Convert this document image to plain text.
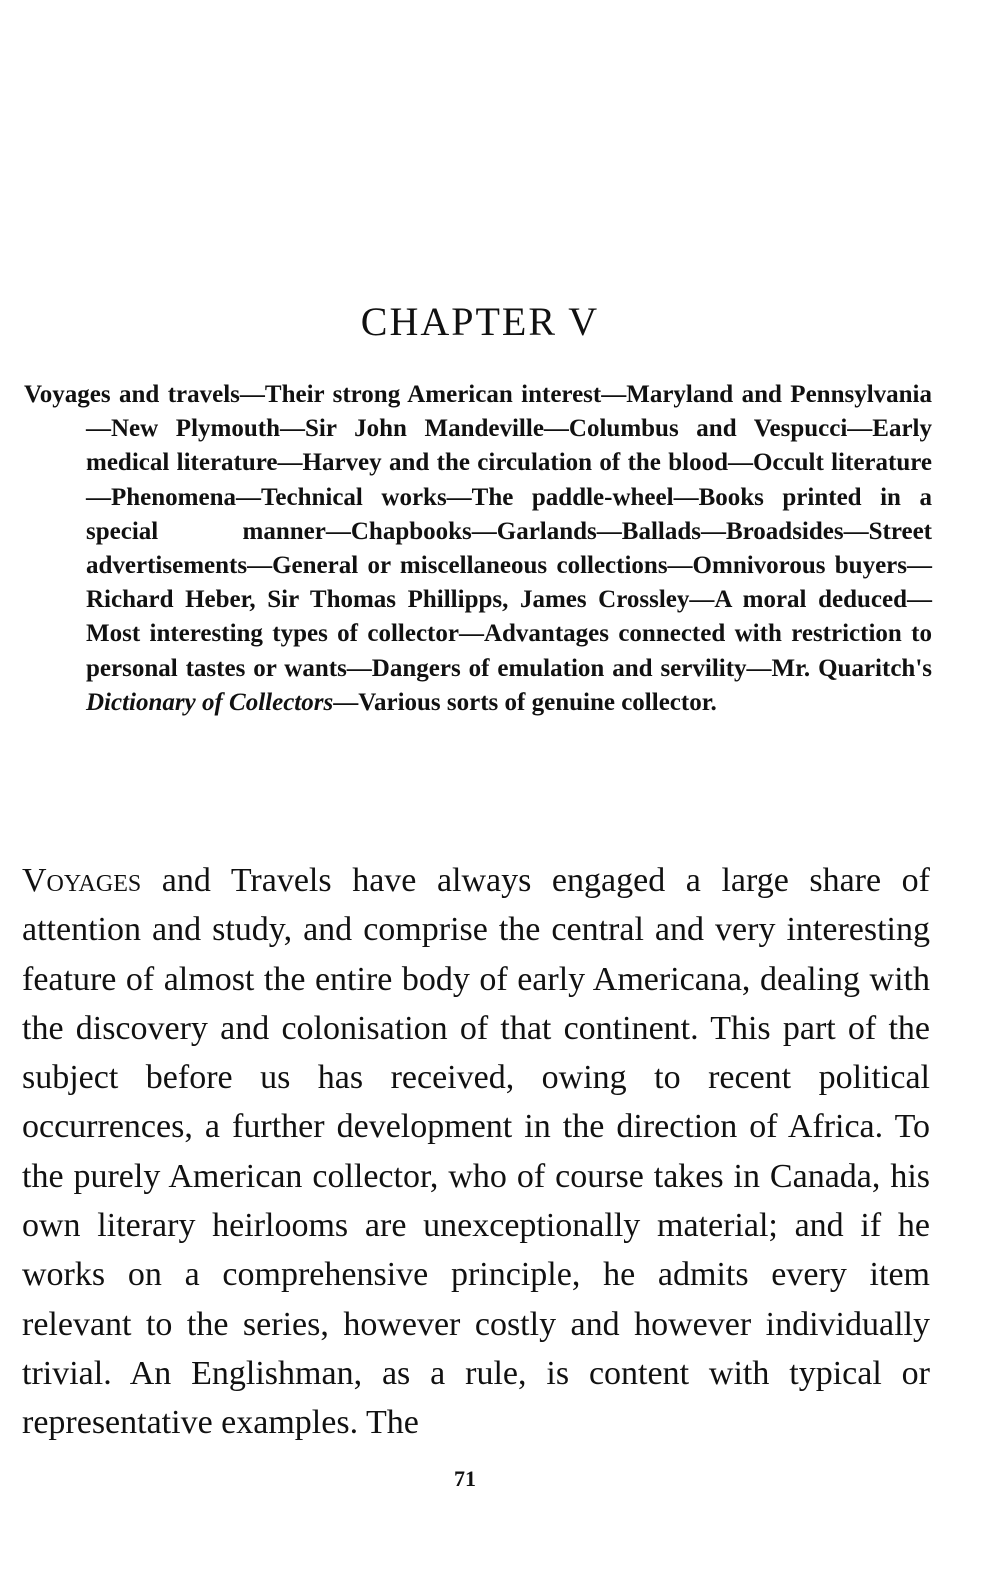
CHAPTER V

Voyages and travels—Their strong American interest—Maryland and Pennsylvania—New Plymouth—Sir John Mandeville—Columbus and Vespucci—Early medical literature—Harvey and the circulation of the blood—Occult literature—Phenomena—Technical works—The paddle-wheel—Books printed in a special manner—Chapbooks—Garlands—Ballads—Broadsides—Street advertisements—General or miscellaneous collections—Omnivorous buyers—Richard Heber, Sir Thomas Phillipps, James Crossley—A moral deduced—Most interesting types of collector—Advantages connected with restriction to personal tastes or wants—Dangers of emulation and servility—Mr. Quaritch's Dictionary of Collectors—Various sorts of genuine collector.

Voyages and Travels have always engaged a large share of attention and study, and comprise the central and very interesting feature of almost the entire body of early Americana, dealing with the discovery and colonisation of that continent. This part of the subject before us has received, owing to recent political occurrences, a further development in the direction of Africa. To the purely American collector, who of course takes in Canada, his own literary heirlooms are unexceptionally material; and if he works on a comprehensive principle, he admits every item relevant to the series, however costly and however individually trivial. An Englishman, as a rule, is content with typical or representative examples. The

71
